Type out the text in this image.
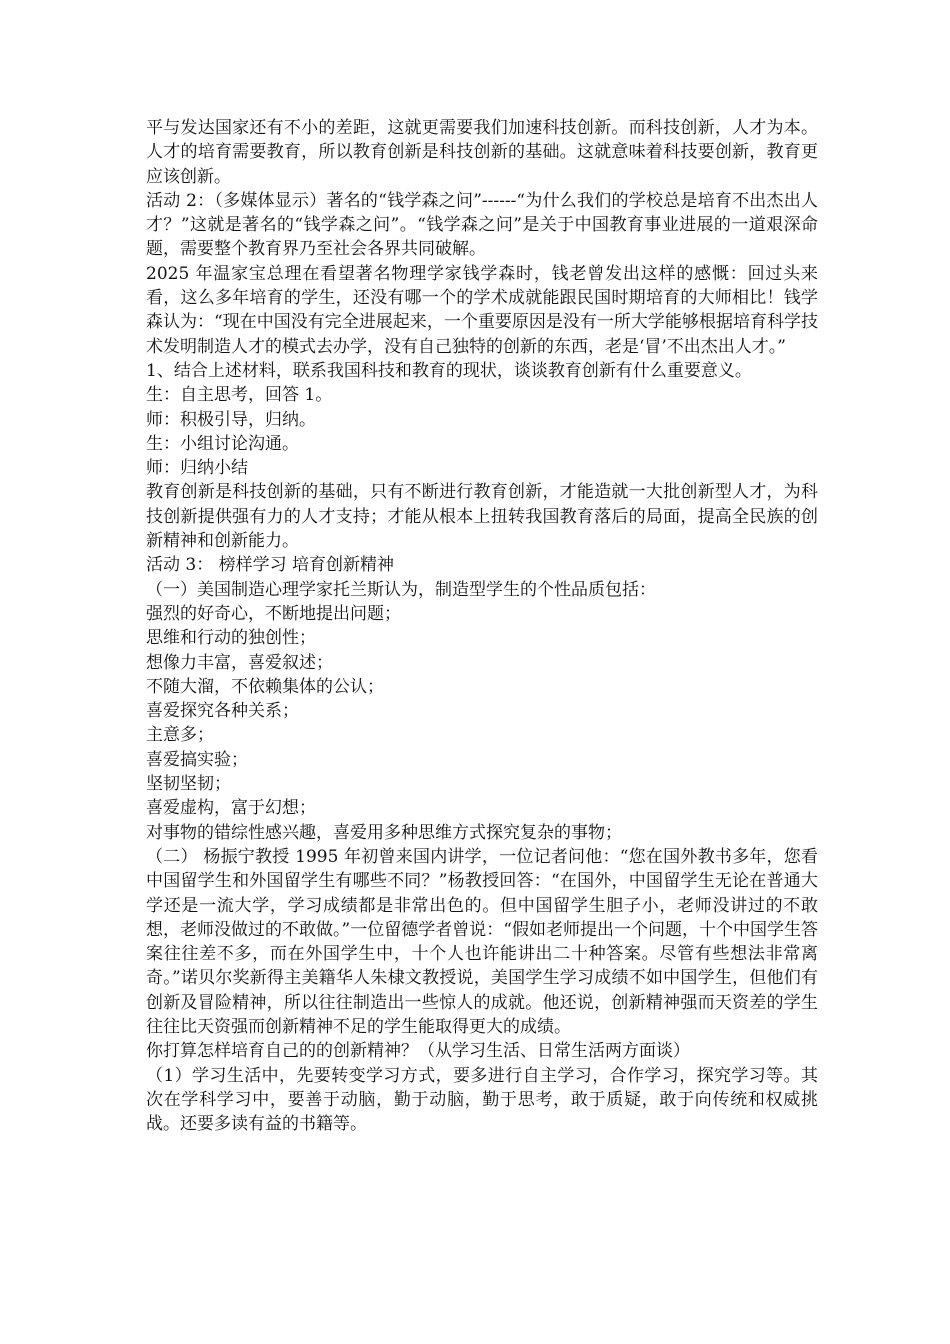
平与发达国家还有不小的差距，这就更需要我们加速科技创新。而科技创新，人才为本。人才的培育需要教育，所以教育创新是科技创新的基础。这就意味着科技要创新，教育更应该创新。

活动 2：（多媒体显示）著名的“钱学森之问”------“为什么我们的学校总是培育不出杰出人才？”这就是著名的“钱学森之问”。“钱学森之问”是关于中国教育事业进展的一道艰深命题，需要整个教育界乃至社会各界共同破解。

2025 年温家宝总理在看望著名物理学家钱学森时，钱老曾发出这样的感慨：回过头来看，这么多年培育的学生，还没有哪一个的学术成就能跟民国时期培育的大师相比！钱学森认为：“现在中国没有完全进展起来，一个重要原因是没有一所大学能够根据培育科学技术发明制造人才的模式去办学，没有自己独特的创新的东西，老是‘冒’不出杰出人才。”

1、结合上述材料，联系我国科技和教育的现状，谈谈教育创新有什么重要意义。

生：自主思考，回答 1。

师：积极引导，归纳。

生：小组讨论沟通。

师：归纳小结

教育创新是科技创新的基础，只有不断进行教育创新，才能造就一大批创新型人才，为科技创新提供强有力的人才支持；才能从根本上扭转我国教育落后的局面，提高全民族的创新精神和创新能力。

活动 3： 榜样学习 培育创新精神

（一）美国制造心理学家托兰斯认为，制造型学生的个性品质包括：

强烈的好奇心，不断地提出问题；

思维和行动的独创性；

想像力丰富，喜爱叙述；

不随大溜，不依赖集体的公认；

喜爱探究各种关系；

主意多；

喜爱搞实验；

坚韧坚韧；

喜爱虚构，富于幻想；

对事物的错综性感兴趣，喜爱用多种思维方式探究复杂的事物；

（二） 杨振宁教授 1995 年初曾来国内讲学，一位记者问他：“您在国外教书多年，您看中国留学生和外国留学生有哪些不同？”杨教授回答：“在国外，中国留学生无论在普通大学还是一流大学，学习成绩都是非常出色的。但中国留学生胆子小，老师没讲过的不敢想，老师没做过的不敢做。”一位留德学者曾说：“假如老师提出一个问题，十个中国学生答案往往差不多，而在外国学生中，十个人也许能讲出二十种答案。尽管有些想法非常离奇。”诺贝尔奖新得主美籍华人朱棣文教授说，美国学生学习成绩不如中国学生，但他们有创新及冒险精神，所以往往制造出一些惊人的成就。他还说，创新精神强而天资差的学生往往比天资强而创新精神不足的学生能取得更大的成绩。

你打算怎样培育自己的的创新精神？（从学习生活、日常生活两方面谈）

（1）学习生活中，先要转变学习方式，要多进行自主学习，合作学习，探究学习等。其次在学科学习中，要善于动脑，勤于动脑，勤于思考，敢于质疑，敢于向传统和权威挑战。还要多读有益的书籍等。
